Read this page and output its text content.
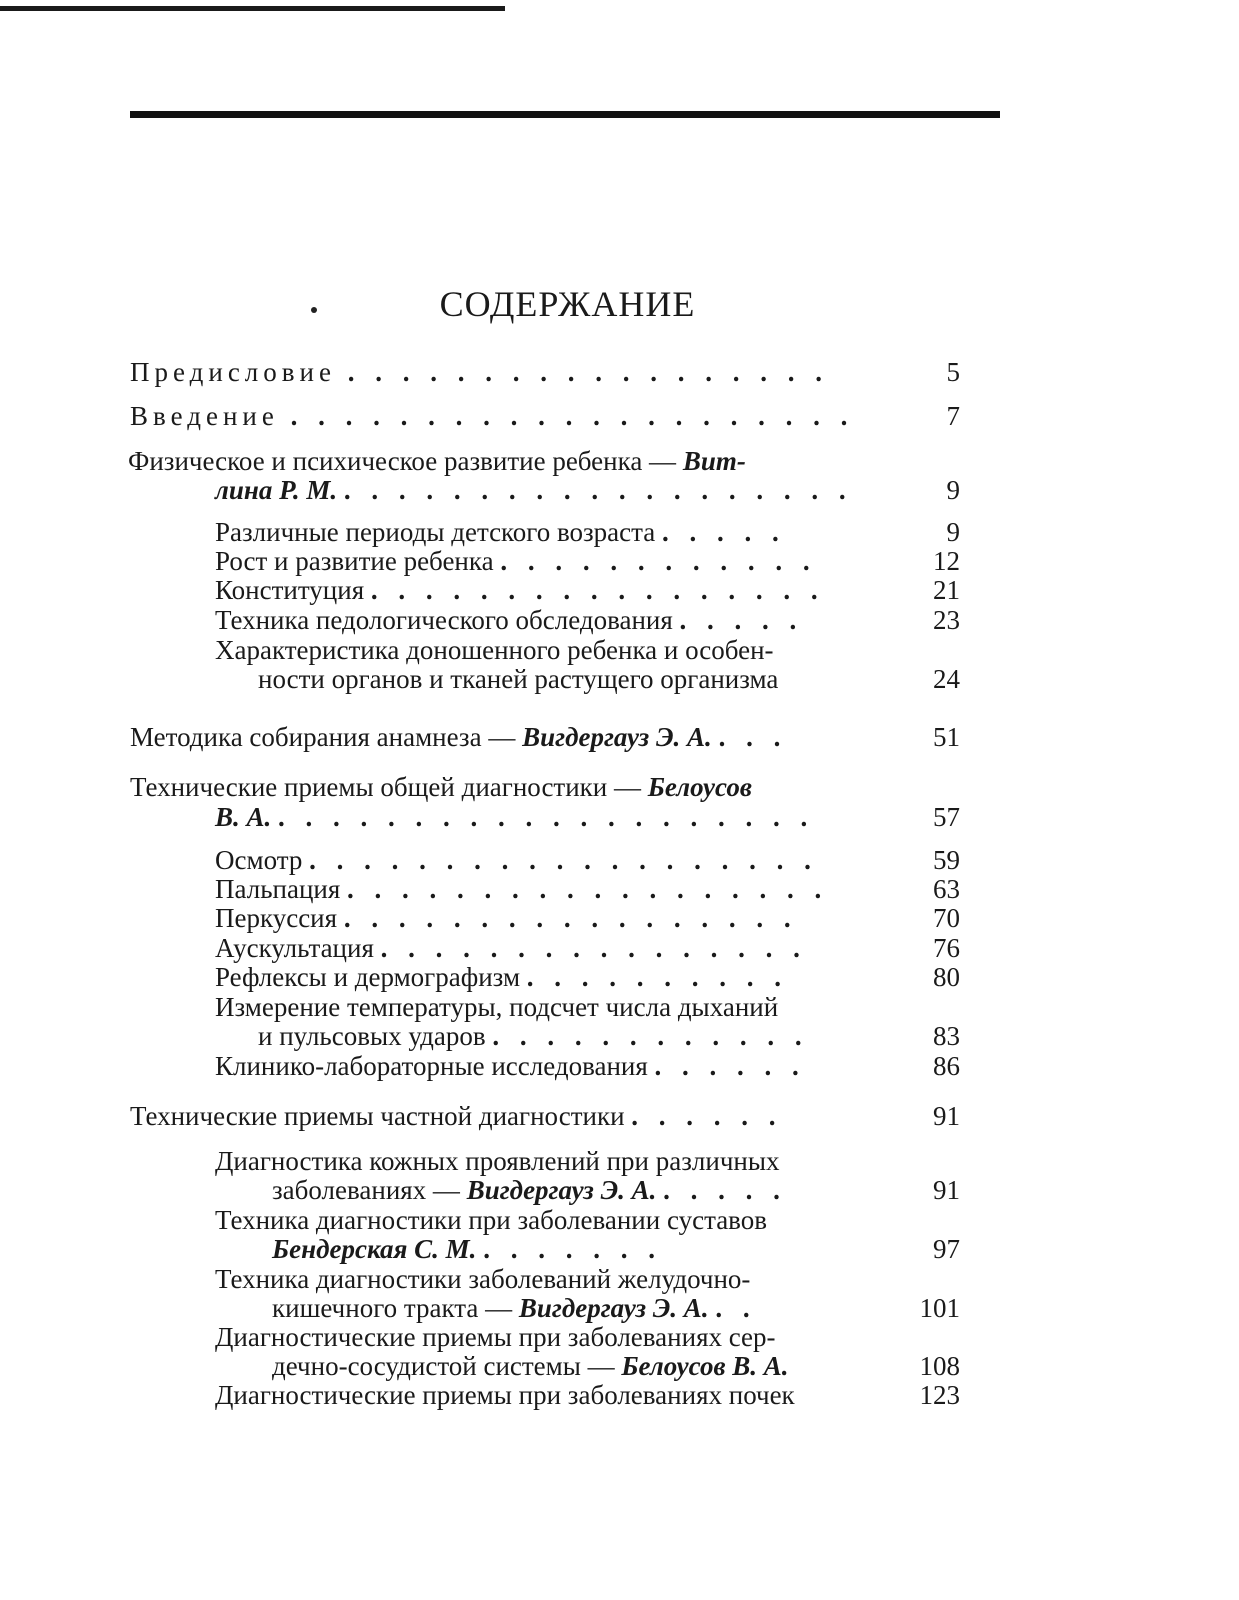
СОДЕРЖАНИЕ
Предисловие . . . . . . . . . . . . . . . . . .	5
Введение . . . . . . . . . . . . . . . . . . . . .	7
Физическое и психическое развитие ребенка — Вит-
лина Р. М. . . . . . . . . . . . . . . . . . . .	9
Различные периоды детского возраста . . . . .	9
Рост и развитие ребенка . . . . . . . . . . . .	12
Конституция . . . . . . . . . . . . . . . . .	21
Техника педологического обследования . . . . .	23
Характеристика доношенного ребенка и особен-
ности органов и тканей растущего организма	24
Методика собирания анамнеза — Вигдергауз Э. А. . . .	51
Технические приемы общей диагностики — Белоусов
В. А. . . . . . . . . . . . . . . . . . . . .	57
Осмотр . . . . . . . . . . . . . . . . . . .	59
Пальпация . . . . . . . . . . . . . . . . . .	63
Перкуссия . . . . . . . . . . . . . . . . .	70
Аускультация . . . . . . . . . . . . . . . .	76
Рефлексы и дермографизм . . . . . . . . . .	80
Измерение температуры, подсчет числа дыханий
и пульсовых ударов . . . . . . . . . . . .	83
Клинико-лабораторные исследования . . . . . .	86
Технические приемы частной диагностики . . . . . .	91
Диагностика кожных проявлений при различных
заболеваниях — Вигдергауз Э. А. . . . . .	91
Техника диагностики при заболевании суставов
Бендерская С. М. . . . . . . .	97
Техника диагностики заболеваний желудочно-
кишечного тракта — Вигдергауз Э. А. . .	101
Диагностические приемы при заболеваниях сер-
дечно-сосудистой системы — Белоусов В. А.	108
Диагностические приемы при заболеваниях почек	123
